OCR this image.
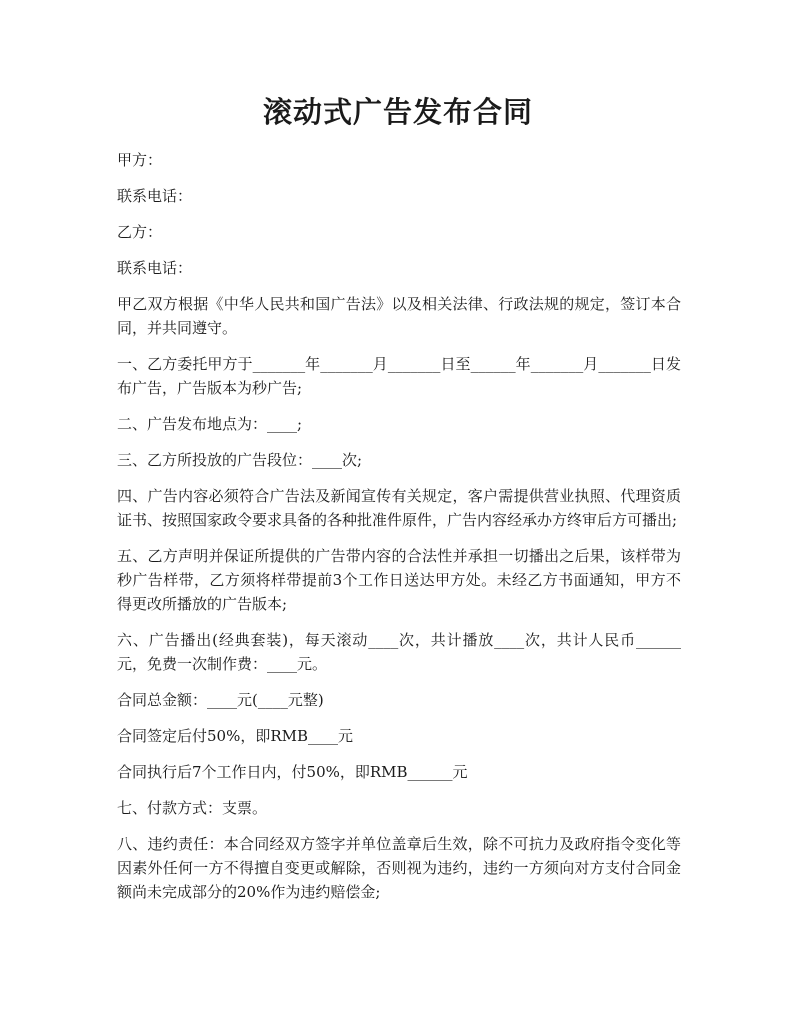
滚动式广告发布合同

甲方：

联系电话：

乙方：

联系电话：

甲乙双方根据《中华人民共和国广告法》以及相关法律、行政法规的规定，签订本合同，并共同遵守。

一、乙方委托甲方于_______年_______月_______日至______年_______月_______日发布广告，广告版本为秒广告;

二、广告发布地点为：____;

三、乙方所投放的广告段位：____次;

四、广告内容必须符合广告法及新闻宣传有关规定，客户需提供营业执照、代理资质证书、按照国家政令要求具备的各种批准件原件，广告内容经承办方终审后方可播出;

五、乙方声明并保证所提供的广告带内容的合法性并承担一切播出之后果，该样带为秒广告样带，乙方须将样带提前3个工作日送达甲方处。未经乙方书面通知，甲方不得更改所播放的广告版本;

六、广告播出(经典套装)，每天滚动____次，共计播放____次，共计人民币______元，免费一次制作费：____元。

合同总金额：____元(____元整)

合同签定后付50%，即RMB____元

合同执行后7个工作日内，付50%，即RMB______元

七、付款方式：支票。

八、违约责任：本合同经双方签字并单位盖章后生效，除不可抗力及政府指令变化等因素外任何一方不得擅自变更或解除，否则视为违约，违约一方须向对方支付合同金额尚未完成部分的20%作为违约赔偿金;
